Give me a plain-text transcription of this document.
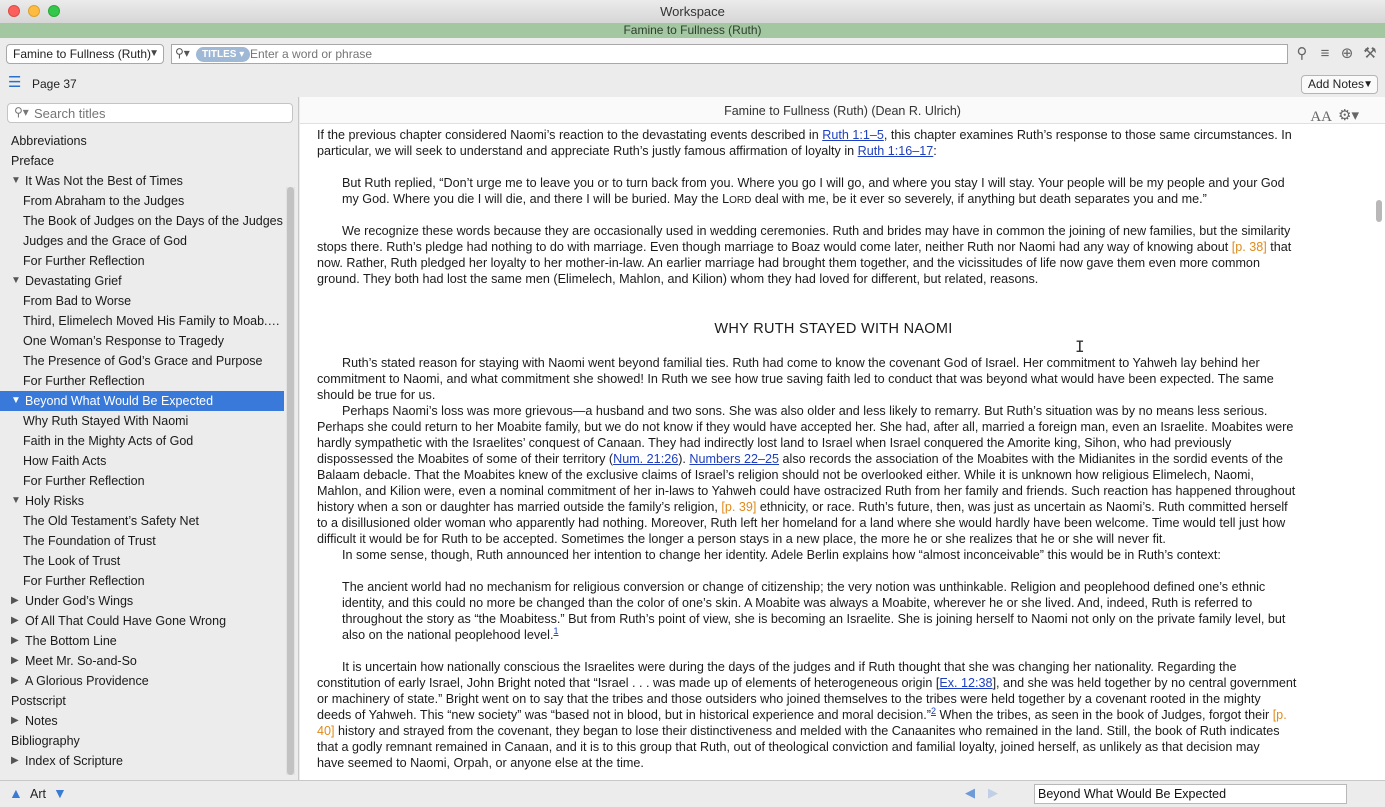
Workspace
Famine to Fullness (Ruth)
Famine to Fullness (Ruth)
▼ ⚲▾	TITLES ▾
Enter a word or phrase	⚲ ≡ ⊕ ⚒
☰ Page 37	Add Notes ▼
⚲▾
Search titles
Abbreviations
Preface
▼ It Was Not the Best of Times
From Abraham to the Judges
The Book of Judges on the Days of the Judges
Judges and the Grace of God
For Further Reflection
▼ Devastating Grief
From Bad to Worse
Third, Elimelech Moved His Family to Moab.…
One Woman’s Response to Tragedy
The Presence of God’s Grace and Purpose
For Further Reflection
▼ Beyond What Would Be Expected
Why Ruth Stayed With Naomi
Faith in the Mighty Acts of God
How Faith Acts
For Further Reflection
▼ Holy Risks
The Old Testament’s Safety Net
The Foundation of Trust
The Look of Trust
For Further Reflection
▶ Under God’s Wings
▶ Of All That Could Have Gone Wrong
▶ The Bottom Line
▶ Meet Mr. So-and-So
▶ A Glorious Providence
Postscript
▶ Notes
Bibliography
▶ Index of Scripture
Famine to Fullness (Ruth) (Dean R. Ulrich)	AA ⚙▾
If the previous chapter considered Naomi’s reaction to the devastating events described in Ruth 1:1–5, this chapter examines Ruth’s response to those same circumstances. In
particular, we will seek to understand and appreciate Ruth’s justly famous affirmation of loyalty in Ruth 1:16–17:
But Ruth replied, “Don’t urge me to leave you or to turn back from you. Where you go I will go, and where you stay I will stay. Your people will be my people and your God
my God. Where you die I will die, and there I will be buried. May the LORD deal with me, be it ever so severely, if anything but death separates you and me.”
We recognize these words because they are occasionally used in wedding ceremonies. Ruth and brides may have in common the joining of new families, but the similarity
stops there. Ruth’s pledge had nothing to do with marriage. Even though marriage to Boaz would come later, neither Ruth nor Naomi had any way of knowing about [p. 38] that
now. Rather, Ruth pledged her loyalty to her mother-in-law. An earlier marriage had brought them together, and the vicissitudes of life now gave them even more common
ground. They both had lost the same men (Elimelech, Mahlon, and Kilion) whom they had loved for different, but related, reasons.
WHY RUTH STAYED WITH NAOMI
Ruth’s stated reason for staying with Naomi went beyond familial ties. Ruth had come to know the covenant God of Israel. Her commitment to Yahweh lay behind her
commitment to Naomi, and what commitment she showed! In Ruth we see how true saving faith led to conduct that was beyond what would have been expected. The same
should be true for us.
Perhaps Naomi’s loss was more grievous—a husband and two sons. She was also older and less likely to remarry. But Ruth’s situation was by no means less serious.
Perhaps she could return to her Moabite family, but we do not know if they would have accepted her. She had, after all, married a foreign man, even an Israelite. Moabites were
hardly sympathetic with the Israelites’ conquest of Canaan. They had indirectly lost land to Israel when Israel conquered the Amorite king, Sihon, who had previously
dispossessed the Moabites of some of their territory (Num. 21:26). Numbers 22–25 also records the association of the Moabites with the Midianites in the sordid events of the
Balaam debacle. That the Moabites knew of the exclusive claims of Israel’s religion should not be overlooked either. While it is unknown how religious Elimelech, Naomi,
Mahlon, and Kilion were, even a nominal commitment of her in-laws to Yahweh could have ostracized Ruth from her family and friends. Such reaction has happened throughout
history when a son or daughter has married outside the family’s religion, [p. 39] ethnicity, or race. Ruth’s future, then, was just as uncertain as Naomi’s. Ruth committed herself
to a disillusioned older woman who apparently had nothing. Moreover, Ruth left her homeland for a land where she would hardly have been welcome. Time would tell just how
difficult it would be for Ruth to be accepted. Sometimes the longer a person stays in a new place, the more he or she realizes that he or she will never fit.
In some sense, though, Ruth announced her intention to change her identity. Adele Berlin explains how “almost inconceivable” this would be in Ruth’s context:
The ancient world had no mechanism for religious conversion or change of citizenship; the very notion was unthinkable. Religion and peoplehood defined one’s ethnic
identity, and this could no more be changed than the color of one’s skin. A Moabite was always a Moabite, wherever he or she lived. And, indeed, Ruth is referred to
throughout the story as “the Moabitess.” But from Ruth’s point of view, she is becoming an Israelite. She is joining herself to Naomi not only on the private family level, but
also on the national peoplehood level.$^1$
It is uncertain how nationally conscious the Israelites were during the days of the judges and if Ruth thought that she was changing her nationality. Regarding the
constitution of early Israel, John Bright noted that “Israel . . . was made up of elements of heterogeneous origin [Ex. 12:38], and she was held together by no central government
or machinery of state.” Bright went on to say that the tribes and those outsiders who joined themselves to the tribes were held together by a covenant rooted in the mighty
deeds of Yahweh. This “new society” was “based not in blood, but in historical experience and moral decision.”$^2$ When the tribes, as seen in the book of Judges, forgot their [p.
40] history and strayed from the covenant, they began to lose their distinctiveness and melded with the Canaanites who remained in the land. Still, the book of Ruth indicates
that a godly remnant remained in Canaan, and it is to this group that Ruth, out of theological conviction and familial loyalty, joined herself, as unlikely as that decision may
have seemed to Naomi, Orpah, or anyone else at the time.
I
▲ Art ▼	◀ ▶	Beyond What Would Be Expected
